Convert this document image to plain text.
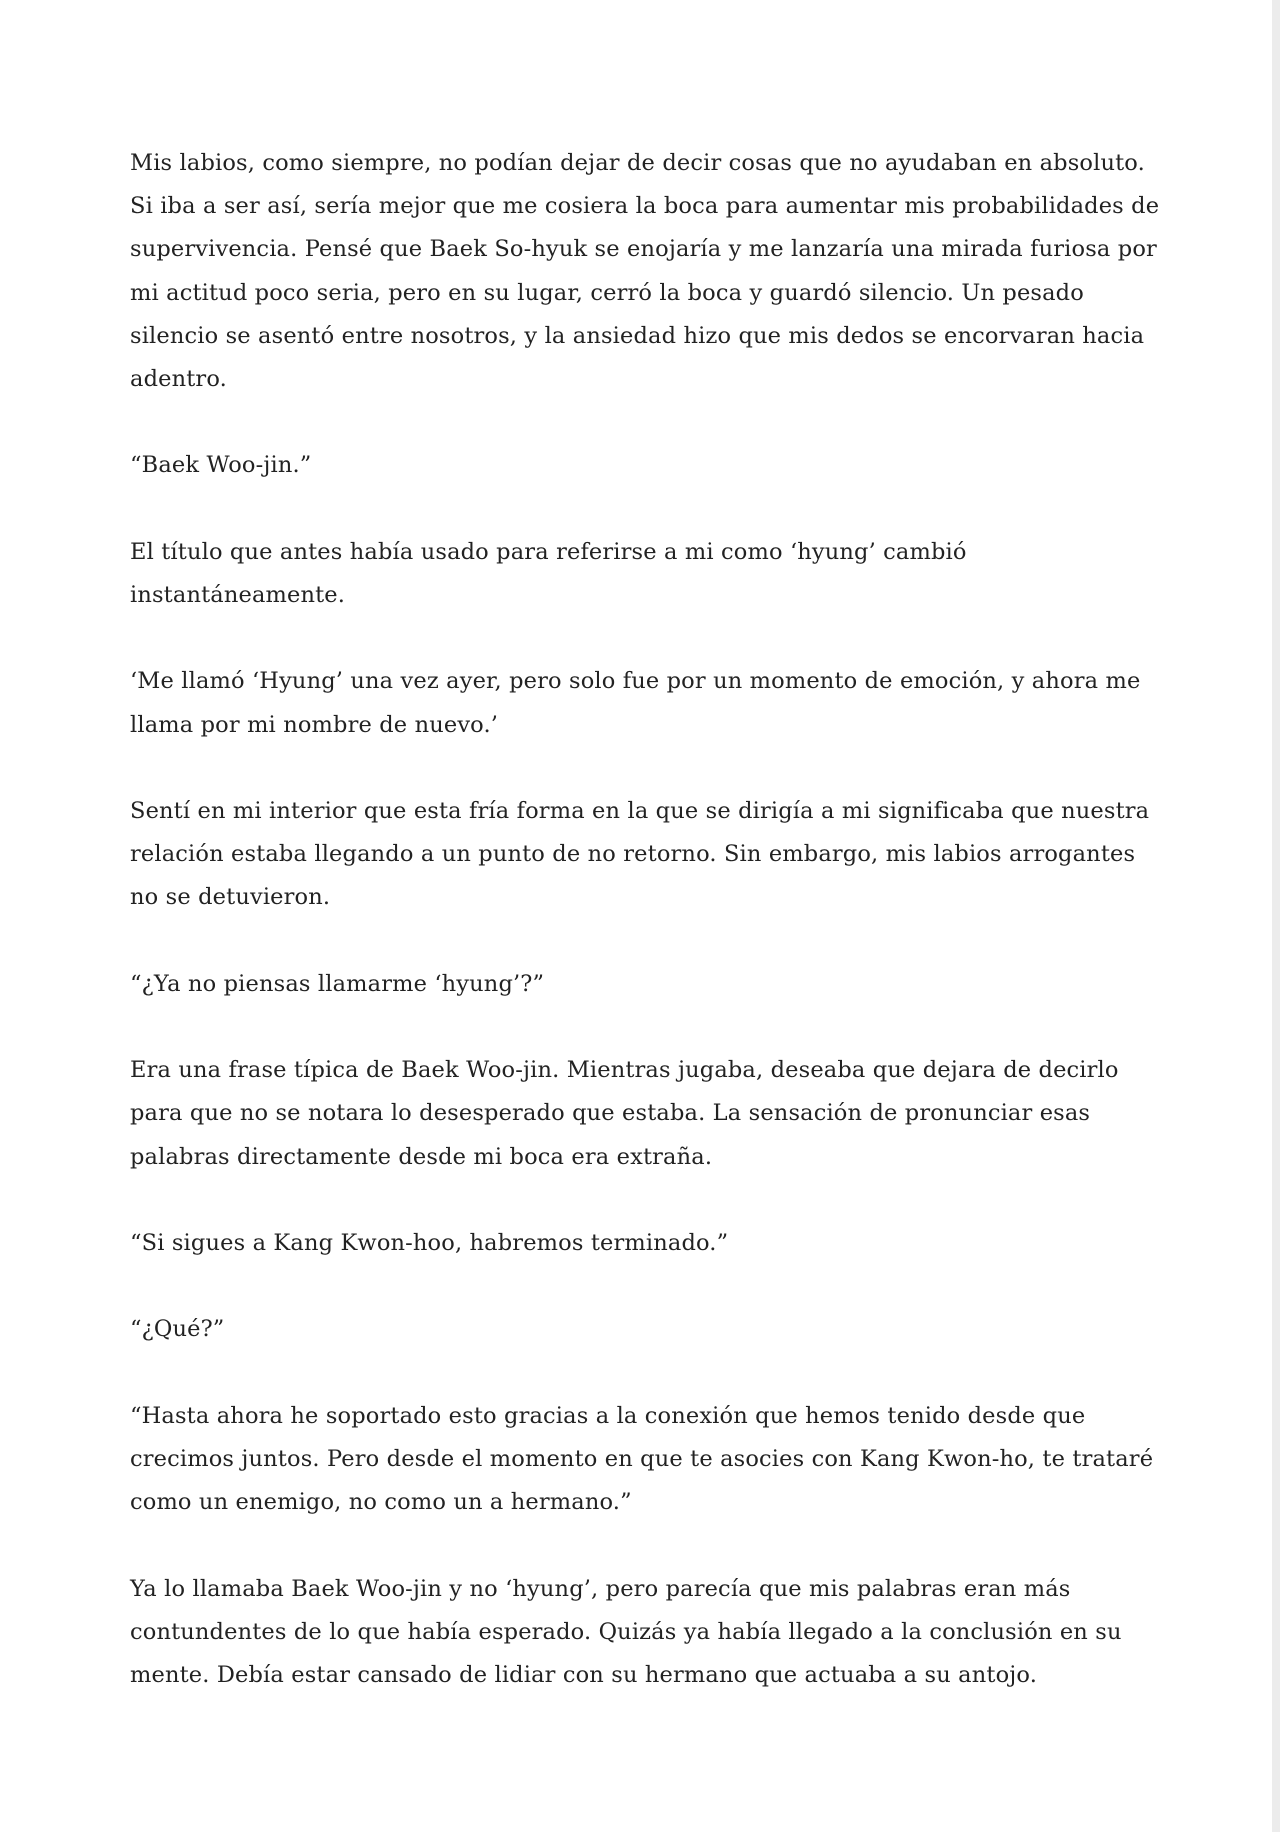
Mis labios, como siempre, no podían dejar de decir cosas que no ayudaban en absoluto. Si iba a ser así, sería mejor que me cosiera la boca para aumentar mis probabilidades de supervivencia. Pensé que Baek So-hyuk se enojaría y me lanzaría una mirada furiosa por mi actitud poco seria, pero en su lugar, cerró la boca y guardó silencio. Un pesado silencio se asentó entre nosotros, y la ansiedad hizo que mis dedos se encorvaran hacia adentro.

“Baek Woo-jin.”

El título que antes había usado para referirse a mi como ‘hyung’ cambió instantáneamente.

‘Me llamó ‘Hyung’ una vez ayer, pero solo fue por un momento de emoción, y ahora me llama por mi nombre de nuevo.’

Sentí en mi interior que esta fría forma en la que se dirigía a mi significaba que nuestra relación estaba llegando a un punto de no retorno. Sin embargo, mis labios arrogantes no se detuvieron.

“¿Ya no piensas llamarme ‘hyung’?”

Era una frase típica de Baek Woo-jin. Mientras jugaba, deseaba que dejara de decirlo para que no se notara lo desesperado que estaba. La sensación de pronunciar esas palabras directamente desde mi boca era extraña.

“Si sigues a Kang Kwon-hoo, habremos terminado.”

“¿Qué?”

“Hasta ahora he soportado esto gracias a la conexión que hemos tenido desde que crecimos juntos. Pero desde el momento en que te asocies con Kang Kwon-ho, te trataré como un enemigo, no como un a hermano.”

Ya lo llamaba Baek Woo-jin y no ‘hyung’, pero parecía que mis palabras eran más contundentes de lo que había esperado. Quizás ya había llegado a la conclusión en su mente. Debía estar cansado de lidiar con su hermano que actuaba a su antojo.
